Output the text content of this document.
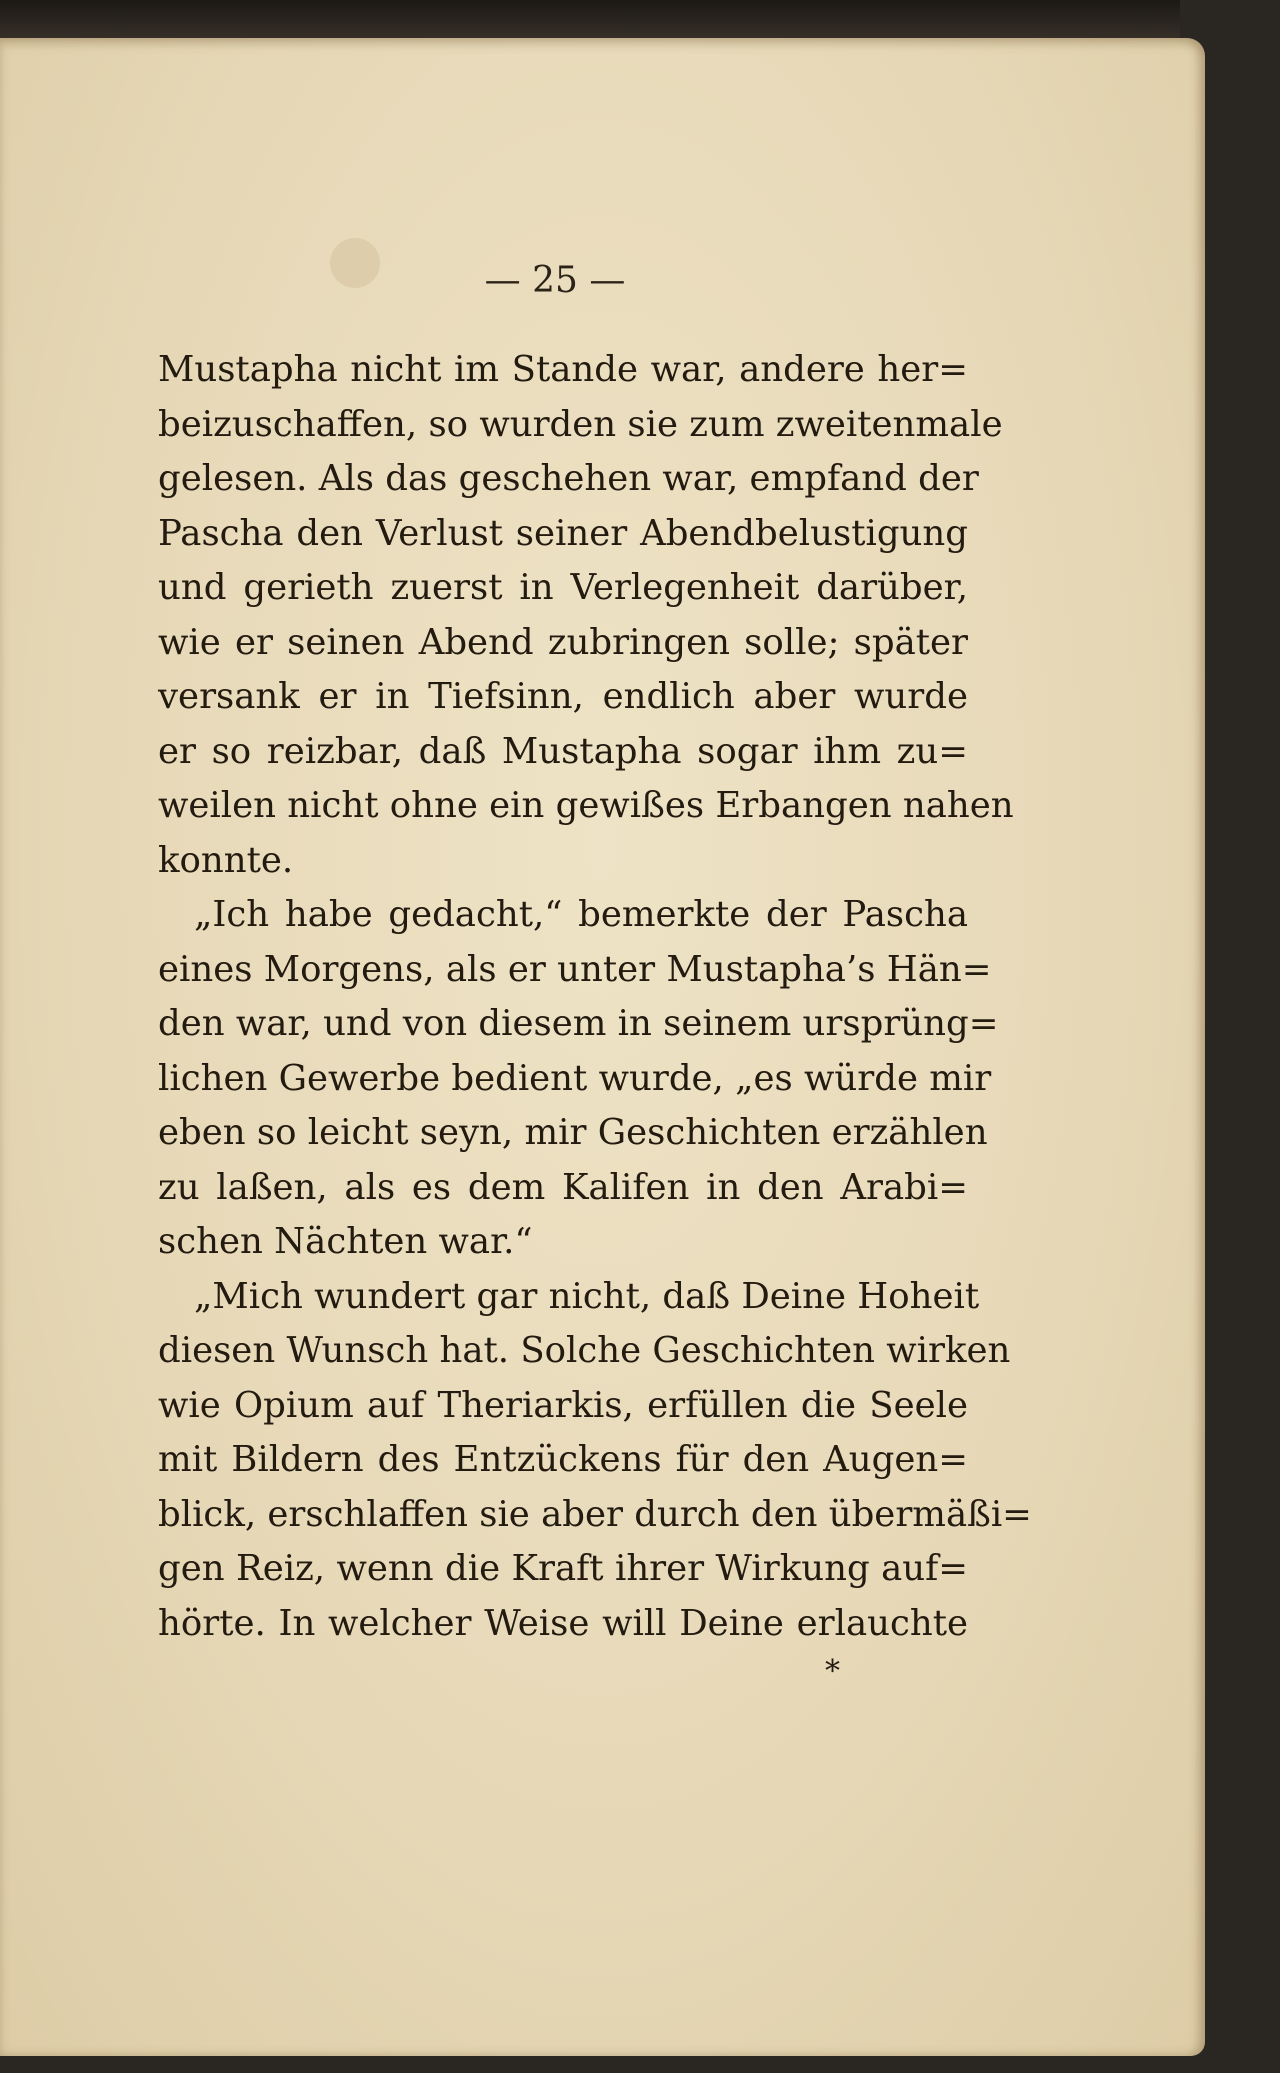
— 25 —
Mustapha nicht im Stande war, andere her=
beizuschaffen, so wurden sie zum zweitenmale
gelesen. Als das geschehen war, empfand der
Pascha den Verlust seiner Abendbelustigung
und gerieth zuerst in Verlegenheit darüber,
wie er seinen Abend zubringen solle; später
versank er in Tiefsinn, endlich aber wurde
er so reizbar, daß Mustapha sogar ihm zu=
weilen nicht ohne ein gewißes Erbangen nahen
konnte.
„Ich habe gedacht,“ bemerkte der Pascha
eines Morgens, als er unter Mustapha’s Hän=
den war, und von diesem in seinem ursprüng=
lichen Gewerbe bedient wurde, „es würde mir
eben so leicht seyn, mir Geschichten erzählen
zu laßen, als es dem Kalifen in den Arabi=
schen Nächten war.“
„Mich wundert gar nicht, daß Deine Hoheit
diesen Wunsch hat. Solche Geschichten wirken
wie Opium auf Theriarkis, erfüllen die Seele
mit Bildern des Entzückens für den Augen=
blick, erschlaffen sie aber durch den übermäßi=
gen Reiz, wenn die Kraft ihrer Wirkung auf=
hörte. In welcher Weise will Deine erlauchte
*
